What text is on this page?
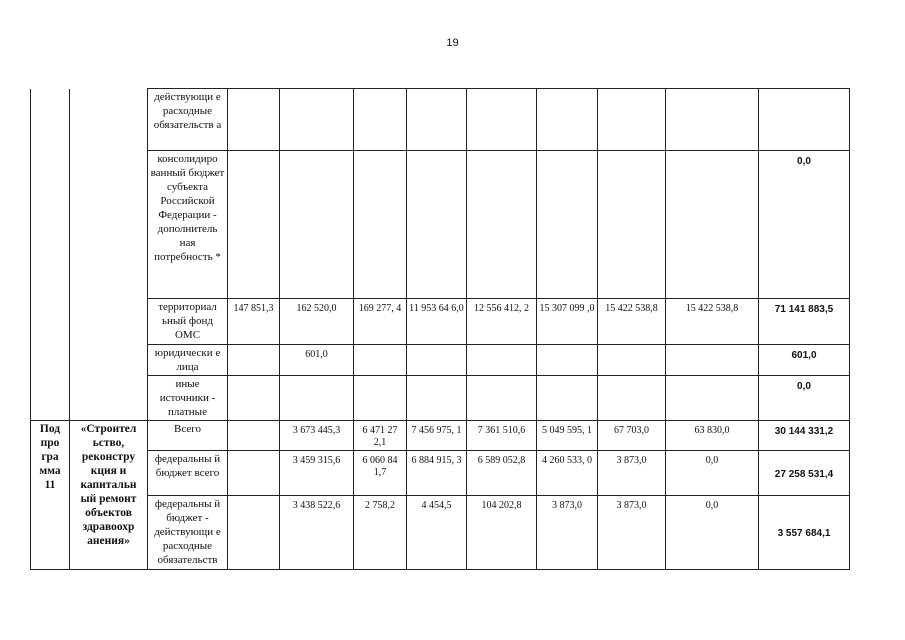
19
		действующи е расходные обязательств а									
		консолидиро ванный бюджет субъекта Российской Федерации - дополнитель ная потребность *									0,0
		территориал ьный фонд ОМС	147 851,3	162 520,0	169 277, 4	11 953 64 6,0	12 556 412, 2	15 307 099 ,0	15 422 538,8	15 422 538,8	71 141 883,5
		юридически е лица		601,0							601,0
		иные источники - платные									0,0
Под про гра мма 11	«Строител ьство, реконстру кция и капитальн ый ремонт объектов здравоохр анения»	Всего		3 673 445,3	6 471 27 2,1	7 456 975, 1	7 361 510,6	5 049 595, 1	67 703,0	63 830,0	30 144 331,2
		федеральны й бюджет всего		3 459 315,6	6 060 84 1,7	6 884 915, 3	6 589 052,8	4 260 533, 0	3 873,0	0,0	27 258 531,4
		федеральны й бюджет - действующи е расходные обязательств		3 438 522,6	2 758,2	4 454,5	104 202,8	3 873,0	3 873,0	0,0	3 557 684,1
